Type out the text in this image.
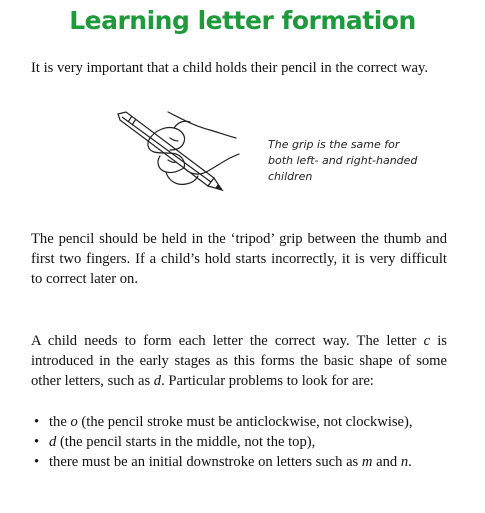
Learning letter formation

It is very important that a child holds their pencil in the correct way.

The grip is the same for
both left- and right-handed
children

The pencil should be held in the ‘tripod’ grip between the thumb and first two fingers. If a child’s hold starts incorrectly, it is very difficult to correct later on.

A child needs to form each letter the correct way. The letter c is introduced in the early stages as this forms the basic shape of some other letters, such as d. Particular problems to look for are:

• the o (the pencil stroke must be anticlockwise, not clockwise),
• d (the pencil starts in the middle, not the top),
• there must be an initial downstroke on letters such as m and n.
